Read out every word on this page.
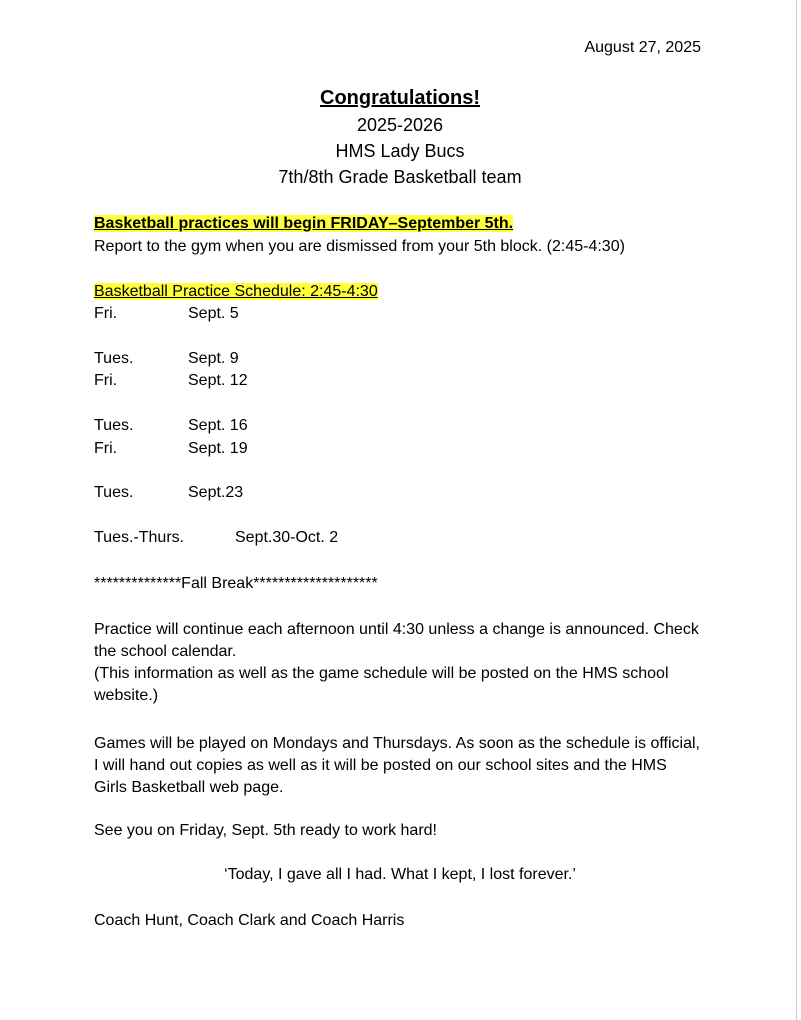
August 27, 2025
Congratulations!
2025-2026
HMS Lady Bucs
7th/8th Grade Basketball team
Basketball practices will begin FRIDAY–September 5th.
Report to the gym when you are dismissed from your 5th block. (2:45-4:30)
Basketball Practice Schedule: 2:45-4:30
Fri.	Sept. 5
Tues.	Sept. 9
Fri.	Sept. 12
Tues.	Sept. 16
Fri.	Sept. 19
Tues.	Sept.23
Tues.-Thurs.	Sept.30-Oct. 2
**************Fall Break********************
Practice will continue each afternoon until 4:30 unless a change is announced. Check the school calendar.
(This information as well as the game schedule will be posted on the HMS school website.)
Games will be played on Mondays and Thursdays. As soon as the schedule is official, I will hand out copies as well as it will be posted on our school sites and the HMS Girls Basketball web page.
See you on Friday, Sept. 5th ready to work hard!
‘Today, I gave all I had. What I kept, I lost forever.’
Coach Hunt, Coach Clark and Coach Harris
